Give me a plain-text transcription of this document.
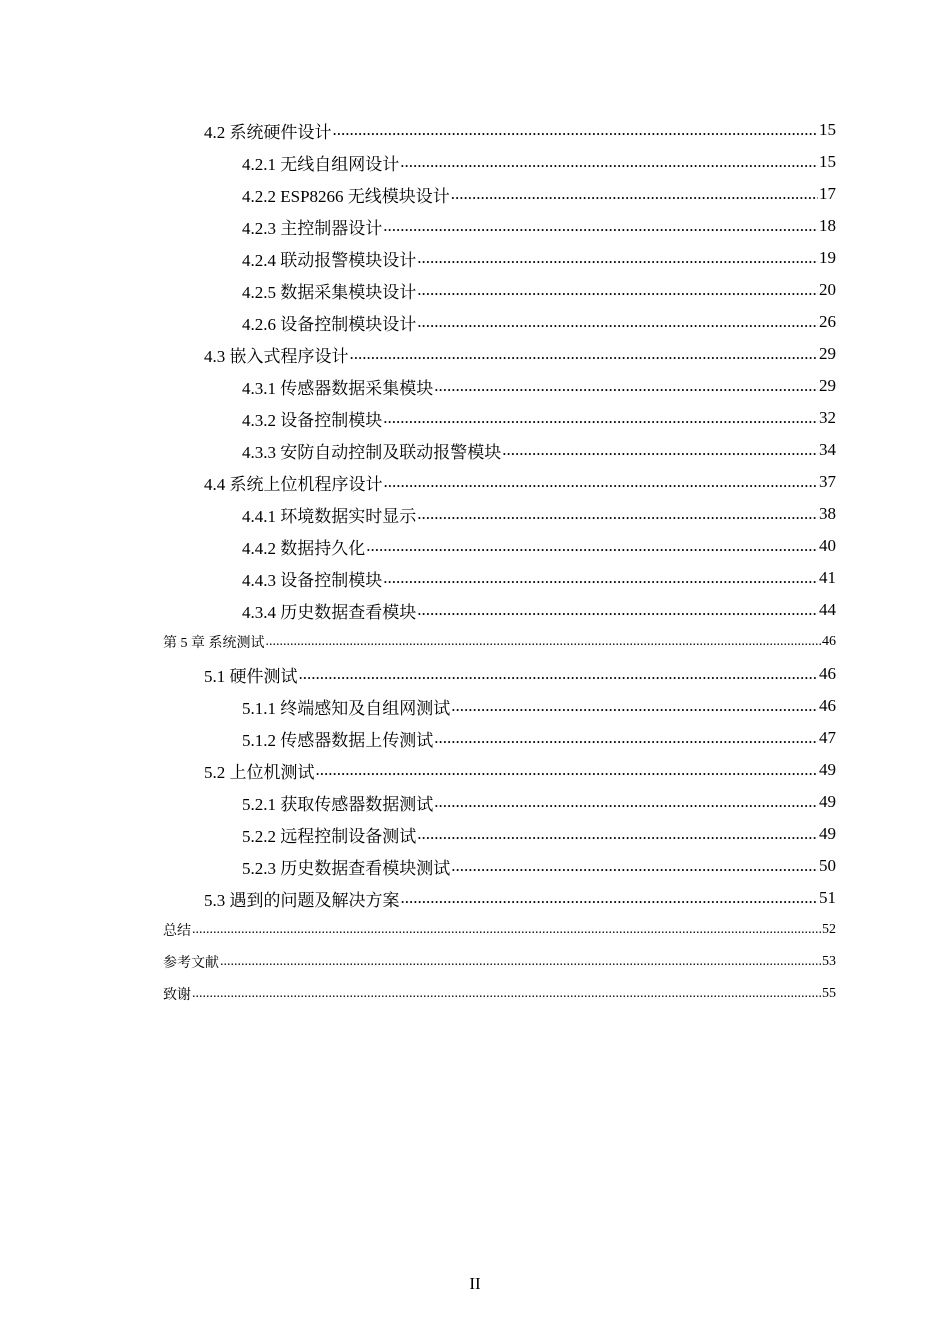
4.2 系统硬件设计 .....	15
4.2.1 无线自组网设计 .....	15
4.2.2 ESP8266 无线模块设计 .....	17
4.2.3 主控制器设计 .....	18
4.2.4 联动报警模块设计 .....	19
4.2.5 数据采集模块设计 .....	20
4.2.6 设备控制模块设计 .....	26
4.3 嵌入式程序设计 .....	29
4.3.1 传感器数据采集模块 .....	29
4.3.2 设备控制模块 .....	32
4.3.3 安防自动控制及联动报警模块 .....	34
4.4 系统上位机程序设计 .....	37
4.4.1 环境数据实时显示 .....	38
4.4.2 数据持久化 .....	40
4.4.3 设备控制模块 .....	41
4.3.4 历史数据查看模块 .....	44
第 5 章 系统测试 .....	46
5.1 硬件测试 .....	46
5.1.1 终端感知及自组网测试 .....	46
5.1.2 传感器数据上传测试 .....	47
5.2 上位机测试 .....	49
5.2.1 获取传感器数据测试 .....	49
5.2.2 远程控制设备测试 .....	49
5.2.3 历史数据查看模块测试 .....	50
5.3 遇到的问题及解决方案 .....	51
总结 .....	52
参考文献 .....	53
致谢 .....	55
II
